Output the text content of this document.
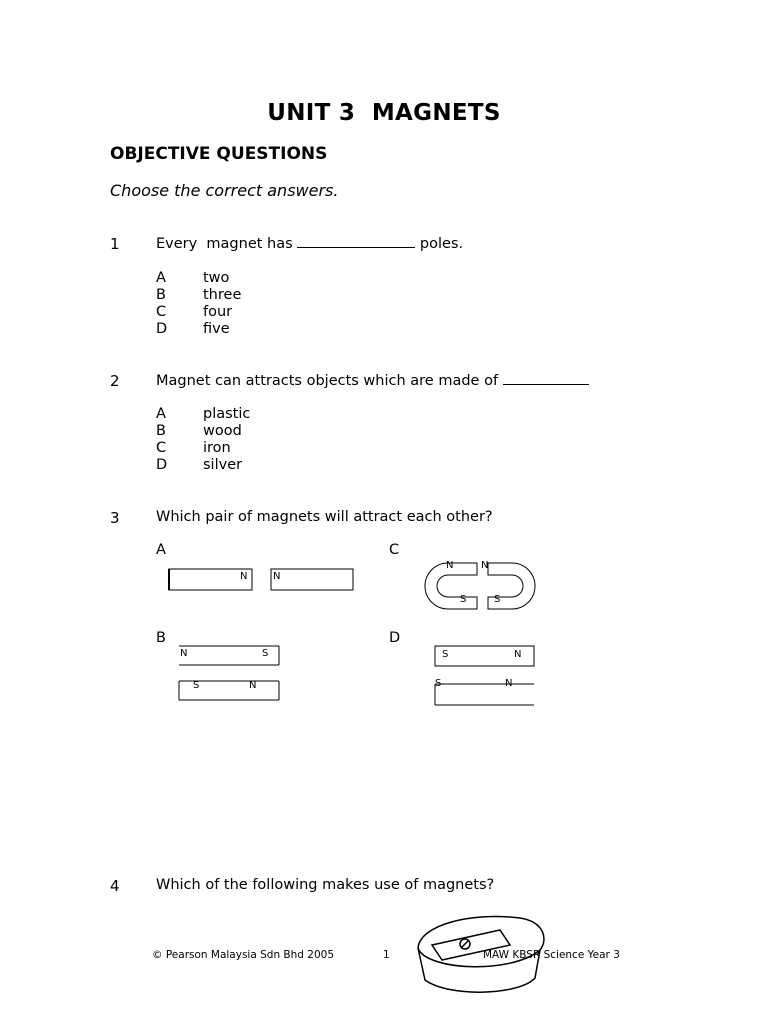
UNIT 3  MAGNETS
OBJECTIVE QUESTIONS
Choose the correct answers.
1	Every  magnet has	poles.
A	two
B	three
C	four
D five
2	Magnet can attracts objects which are made of
A	plastic
B	wood
C	iron
D silver
3	Which pair of magnets will attract each other?
A	C
B	D
N	N
N	N
S	S
N	S
S	N
S	N
S	N
4	Which of the following makes use of magnets?
© Pearson Malaysia Sdn Bhd 2005	1	MAW KBSR Science Year 3
